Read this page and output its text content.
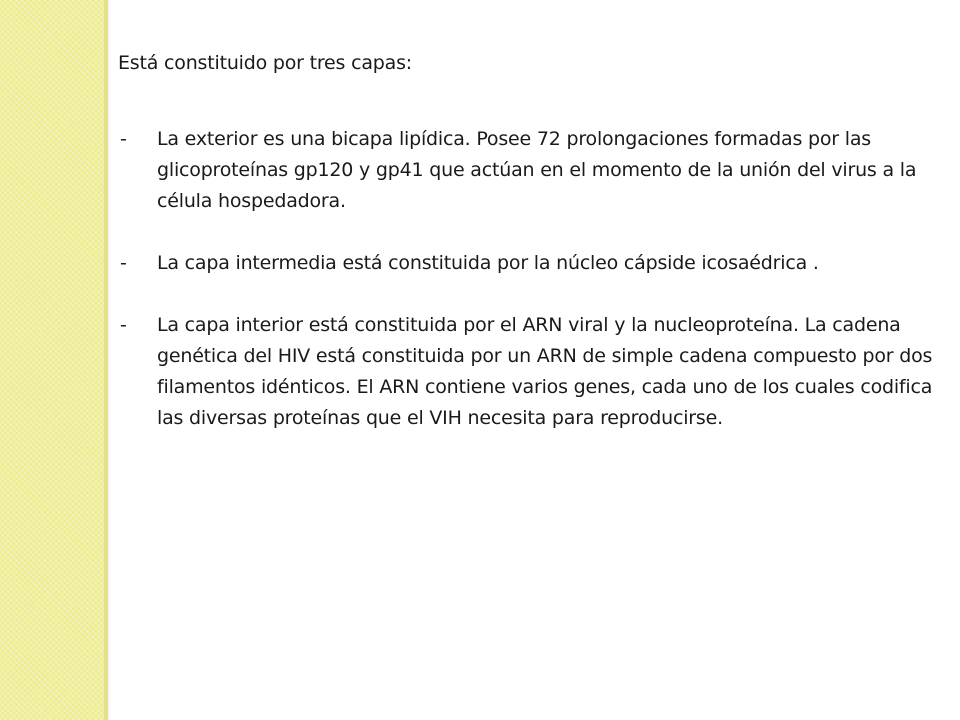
Está constituido por tres capas:

-	La exterior es una bicapa lipídica. Posee 72 prolongaciones formadas por las glicoproteínas gp120 y gp41 que actúan en el momento de la unión del virus a la célula hospedadora.
-	La capa intermedia está constituida por la núcleo cápside icosaédrica .
-	La capa interior está constituida por el ARN viral y la nucleoproteína. La cadena genética del HIV está constituida por un ARN de simple cadena compuesto por dos filamentos idénticos. El ARN contiene varios genes, cada uno de los cuales codifica las diversas proteínas que el VIH necesita para reproducirse.
